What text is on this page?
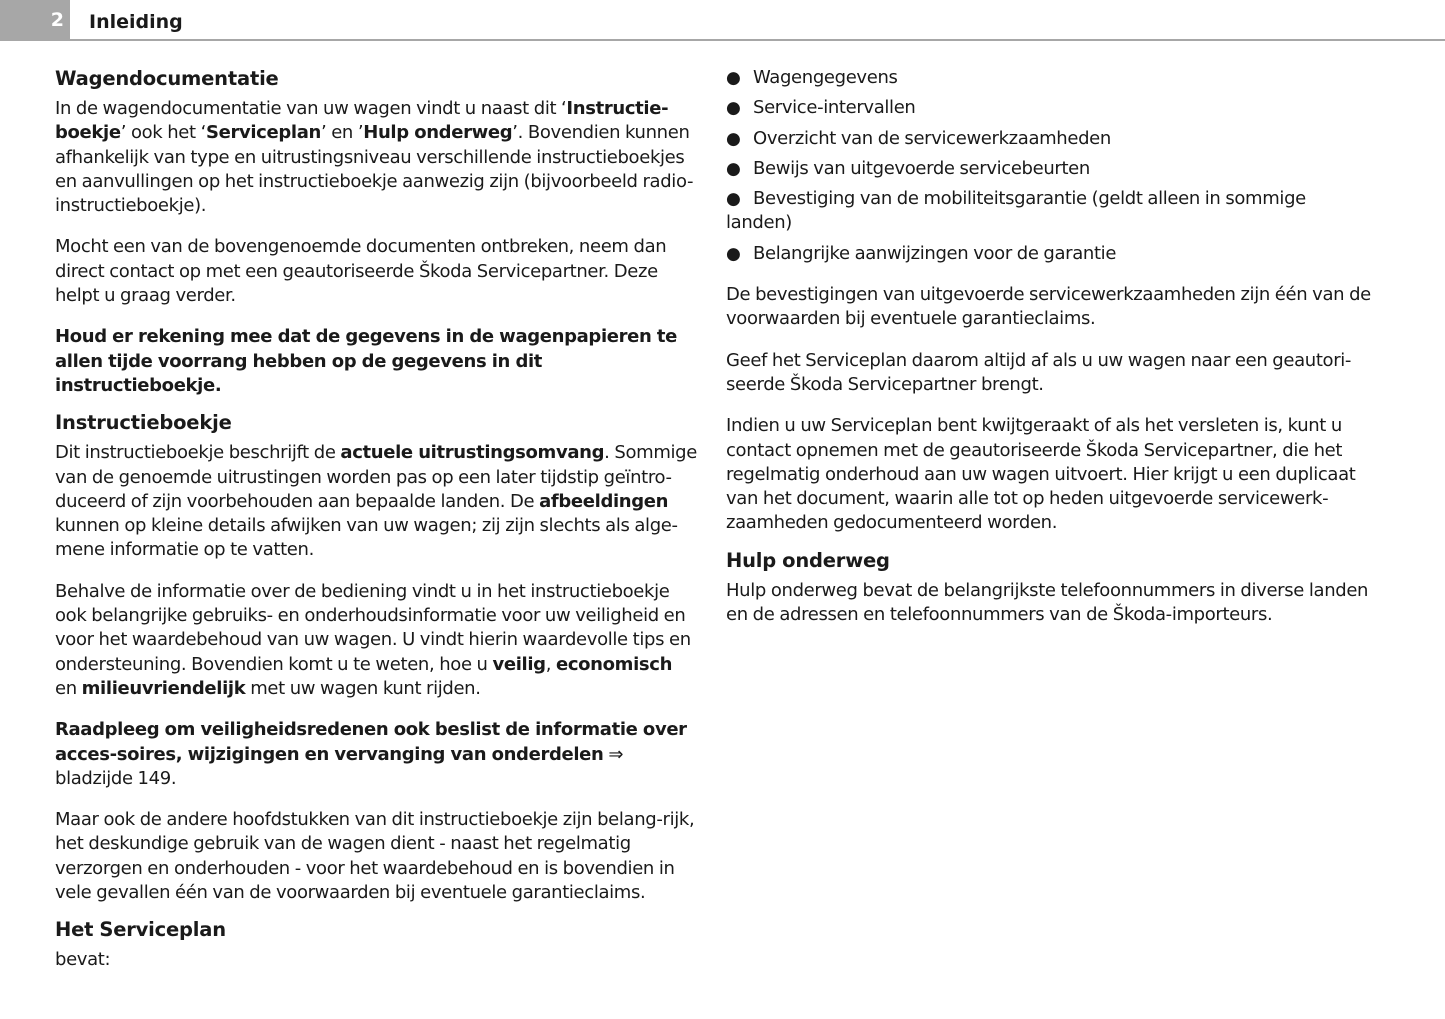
2	Inleiding
Wagendocumentatie

In de wagendocumentatie van uw wagen vindt u naast dit ‘Instructie-boekje’ ook het ‘Serviceplan’ en ’Hulp onderweg’. Bovendien kunnen afhankelijk van type en uitrustingsniveau verschillende instructieboekjes en aanvullingen op het instructieboekje aanwezig zijn (bijvoorbeeld radio-instructieboekje).

Mocht een van de bovengenoemde documenten ontbreken, neem dan direct contact op met een geautoriseerde Škoda Servicepartner. Deze helpt u graag verder.

Houd er rekening mee dat de gegevens in de wagenpapieren te allen tijde voorrang hebben op de gegevens in dit instructieboekje.

Instructieboekje

Dit instructieboekje beschrijft de actuele uitrustingsomvang. Sommige van de genoemde uitrustingen worden pas op een later tijdstip geïntro-duceerd of zijn voorbehouden aan bepaalde landen. De afbeeldingen kunnen op kleine details afwijken van uw wagen; zij zijn slechts als alge-mene informatie op te vatten.

Behalve de informatie over de bediening vindt u in het instructieboekje ook belangrijke gebruiks- en onderhoudsinformatie voor uw veiligheid en voor het waardebehoud van uw wagen. U vindt hierin waardevolle tips en ondersteuning. Bovendien komt u te weten, hoe u veilig, economisch en milieuvriendelijk met uw wagen kunt rijden.

Raadpleeg om veiligheidsredenen ook beslist de informatie over acces-soires, wijzigingen en vervanging van onderdelen ⇒ bladzijde 149.

Maar ook de andere hoofdstukken van dit instructieboekje zijn belang-rijk, het deskundige gebruik van de wagen dient - naast het regelmatig verzorgen en onderhouden - voor het waardebehoud en is bovendien in vele gevallen één van de voorwaarden bij eventuele garantieclaims.

Het Serviceplan

bevat:

● Wagengegevens
● Service-intervallen
● Overzicht van de servicewerkzaamheden
● Bewijs van uitgevoerde servicebeurten
● Bevestiging van de mobiliteitsgarantie (geldt alleen in sommige landen)
● Belangrijke aanwijzingen voor de garantie

De bevestigingen van uitgevoerde servicewerkzaamheden zijn één van de voorwaarden bij eventuele garantieclaims.

Geef het Serviceplan daarom altijd af als u uw wagen naar een geautori-seerde Škoda Servicepartner brengt.

Indien u uw Serviceplan bent kwijtgeraakt of als het versleten is, kunt u contact opnemen met de geautoriseerde Škoda Servicepartner, die het regelmatig onderhoud aan uw wagen uitvoert. Hier krijgt u een duplicaat van het document, waarin alle tot op heden uitgevoerde servicewerk-zaamheden gedocumenteerd worden.

Hulp onderweg

Hulp onderweg bevat de belangrijkste telefoonnummers in diverse landen en de adressen en telefoonnummers van de Škoda-importeurs.
